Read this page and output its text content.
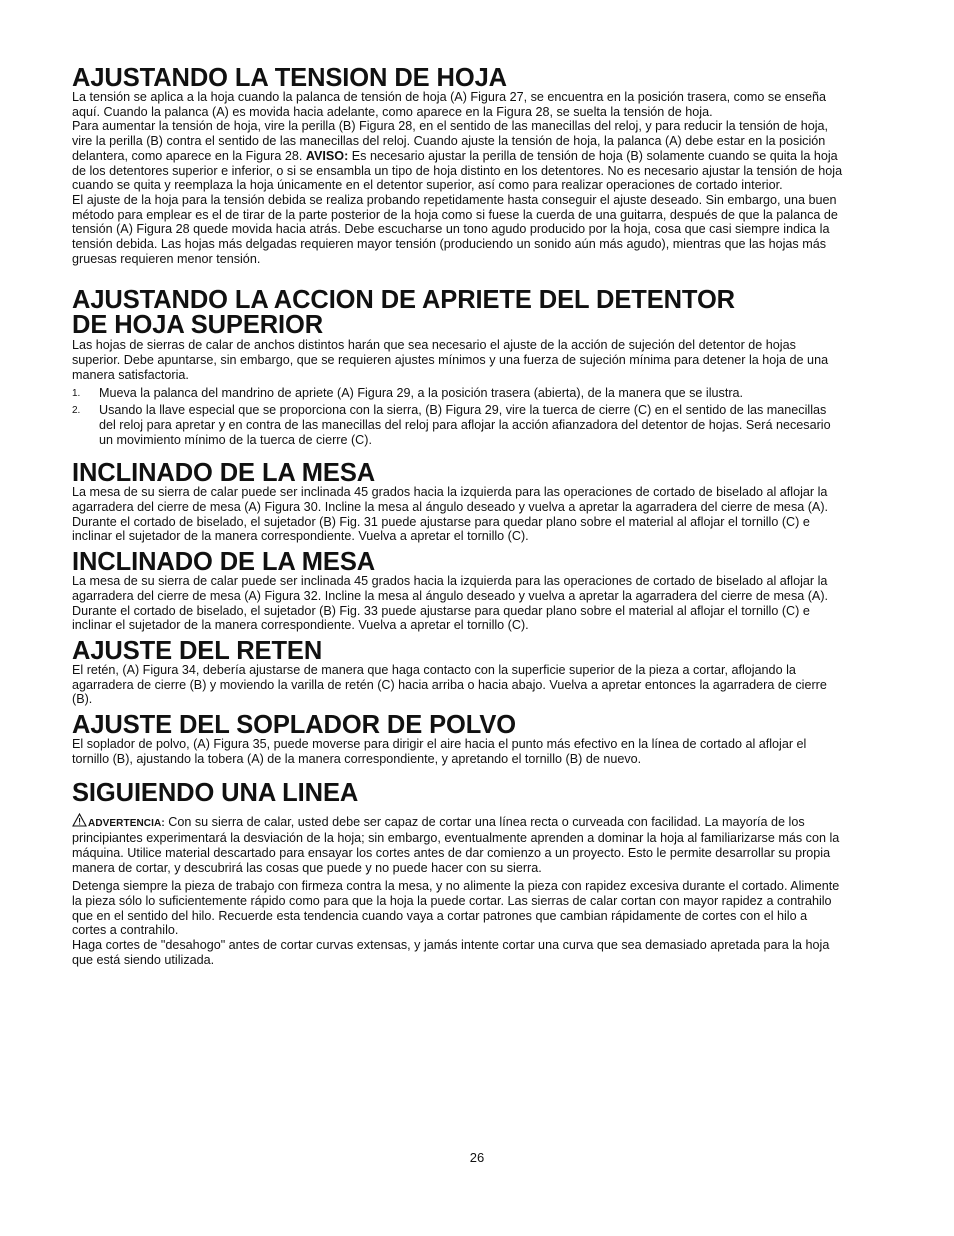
AJUSTANDO LA TENSION DE HOJA

La tensión se aplica a la hoja cuando la palanca de tensión de hoja (A) Figura 27, se encuentra en la posición trasera, como se enseña aquí. Cuando la palanca (A) es movida hacia adelante, como aparece en la Figura 28, se suelta la tensión de hoja.

Para aumentar la tensión de hoja, vire la perilla (B) Figura 28, en el sentido de las manecillas del reloj, y para reducir la tensión de hoja, vire la perilla (B) contra el sentido de las manecillas del reloj. Cuando ajuste la tensión de hoja, la palanca (A) debe estar en la posición delantera, como aparece en la Figura 28. AVISO: Es necesario ajustar la perilla de tensión de hoja (B) solamente cuando se quita la hoja de los detentores superior e inferior, o si se ensambla un tipo de hoja distinto en los detentores. No es necesario ajustar la tensión de hoja cuando se quita y reemplaza la hoja únicamente en el detentor superior, así como para realizar operaciones de cortado interior.

El ajuste de la hoja para la tensión debida se realiza probando repetidamente hasta conseguir el ajuste deseado. Sin embargo, una buen método para emplear es el de tirar de la parte posterior de la hoja como si fuese la cuerda de una guitarra, después de que la palanca de tensión (A) Figura 28 quede movida hacia atrás. Debe escucharse un tono agudo producido por la hoja, cosa que casi siempre indica la tensión debida. Las hojas más delgadas requieren mayor tensión (produciendo un sonido aún más agudo), mientras que las hojas más gruesas requieren menor tensión.

AJUSTANDO LA ACCION DE APRIETE DEL DETENTOR
DE HOJA SUPERIOR

Las hojas de sierras de calar de anchos distintos harán que sea necesario el ajuste de la acción de sujeción del detentor de hojas superior. Debe apuntarse, sin embargo, que se requieren ajustes mínimos y una fuerza de sujeción mínima para detener la hoja de una manera satisfactoria.

1. Mueva la palanca del mandrino de apriete (A) Figura 29, a la posición trasera (abierta), de la manera que se ilustra.
2. Usando la llave especial que se proporciona con la sierra, (B) Figura 29, vire la tuerca de cierre (C) en el sentido de las manecillas del reloj para apretar y en contra de las manecillas del reloj para aflojar la acción afianzadora del detentor de hojas. Será necesario un movimiento mínimo de la tuerca de cierre (C).
INCLINADO DE LA MESA

La mesa de su sierra de calar puede ser inclinada 45 grados hacia la izquierda para las operaciones de cortado de biselado al aflojar la agarradera del cierre de mesa (A) Figura 30. Incline la mesa al ángulo deseado y vuelva a apretar la agarradera del cierre de mesa (A).

Durante el cortado de biselado, el sujetador (B) Fig. 31 puede ajustarse para quedar plano sobre el material al aflojar el tornillo (C) e inclinar el sujetador de la manera correspondiente. Vuelva a apretar el tornillo (C).

INCLINADO DE LA MESA

La mesa de su sierra de calar puede ser inclinada 45 grados hacia la izquierda para las operaciones de cortado de biselado al aflojar la agarradera del cierre de mesa (A) Figura 32. Incline la mesa al ángulo deseado y vuelva a apretar la agarradera del cierre de mesa (A).

Durante el cortado de biselado, el sujetador (B) Fig. 33 puede ajustarse para quedar plano sobre el material al aflojar el tornillo (C) e inclinar el sujetador de la manera correspondiente. Vuelva a apretar el tornillo (C).

AJUSTE DEL RETEN

El retén, (A) Figura 34, debería ajustarse de manera que haga contacto con la superficie superior de la pieza a cortar, aflojando la agarradera de cierre (B) y moviendo la varilla de retén (C) hacia arriba o hacia abajo. Vuelva a apretar entonces la agarradera de cierre (B).

AJUSTE DEL SOPLADOR DE POLVO

El soplador de polvo, (A) Figura 35, puede moverse para dirigir el aire hacia el punto más efectivo en la línea de cortado al aflojar el tornillo (B), ajustando la tobera (A) de la manera correspondiente, y apretando el tornillo (B) de nuevo.

SIGUIENDO UNA LINEA

ADVERTENCIA: Con su sierra de calar, usted debe ser capaz de cortar una línea recta o curveada con facilidad. La mayoría de los principiantes experimentará la desviación de la hoja; sin embargo, eventualmente aprenden a dominar la hoja al familiarizarse más con la máquina. Utilice material descartado para ensayar los cortes antes de dar comienzo a un proyecto. Esto le permite desarrollar su propia manera de cortar, y descubrirá las cosas que puede y no puede hacer con su sierra.

Detenga siempre la pieza de trabajo con firmeza contra la mesa, y no alimente la pieza con rapidez excesiva durante el cortado. Alimente la pieza sólo lo suficientemente rápido como para que la hoja la puede cortar. Las sierras de calar cortan con mayor rapidez a contrahilo que en el sentido del hilo. Recuerde esta tendencia cuando vaya a cortar patrones que cambian rápidamente de cortes con el hilo a cortes a contrahilo.

Haga cortes de "desahogo" antes de cortar curvas extensas, y jamás intente cortar una curva que sea demasiado apretada para la hoja que está siendo utilizada.

26
